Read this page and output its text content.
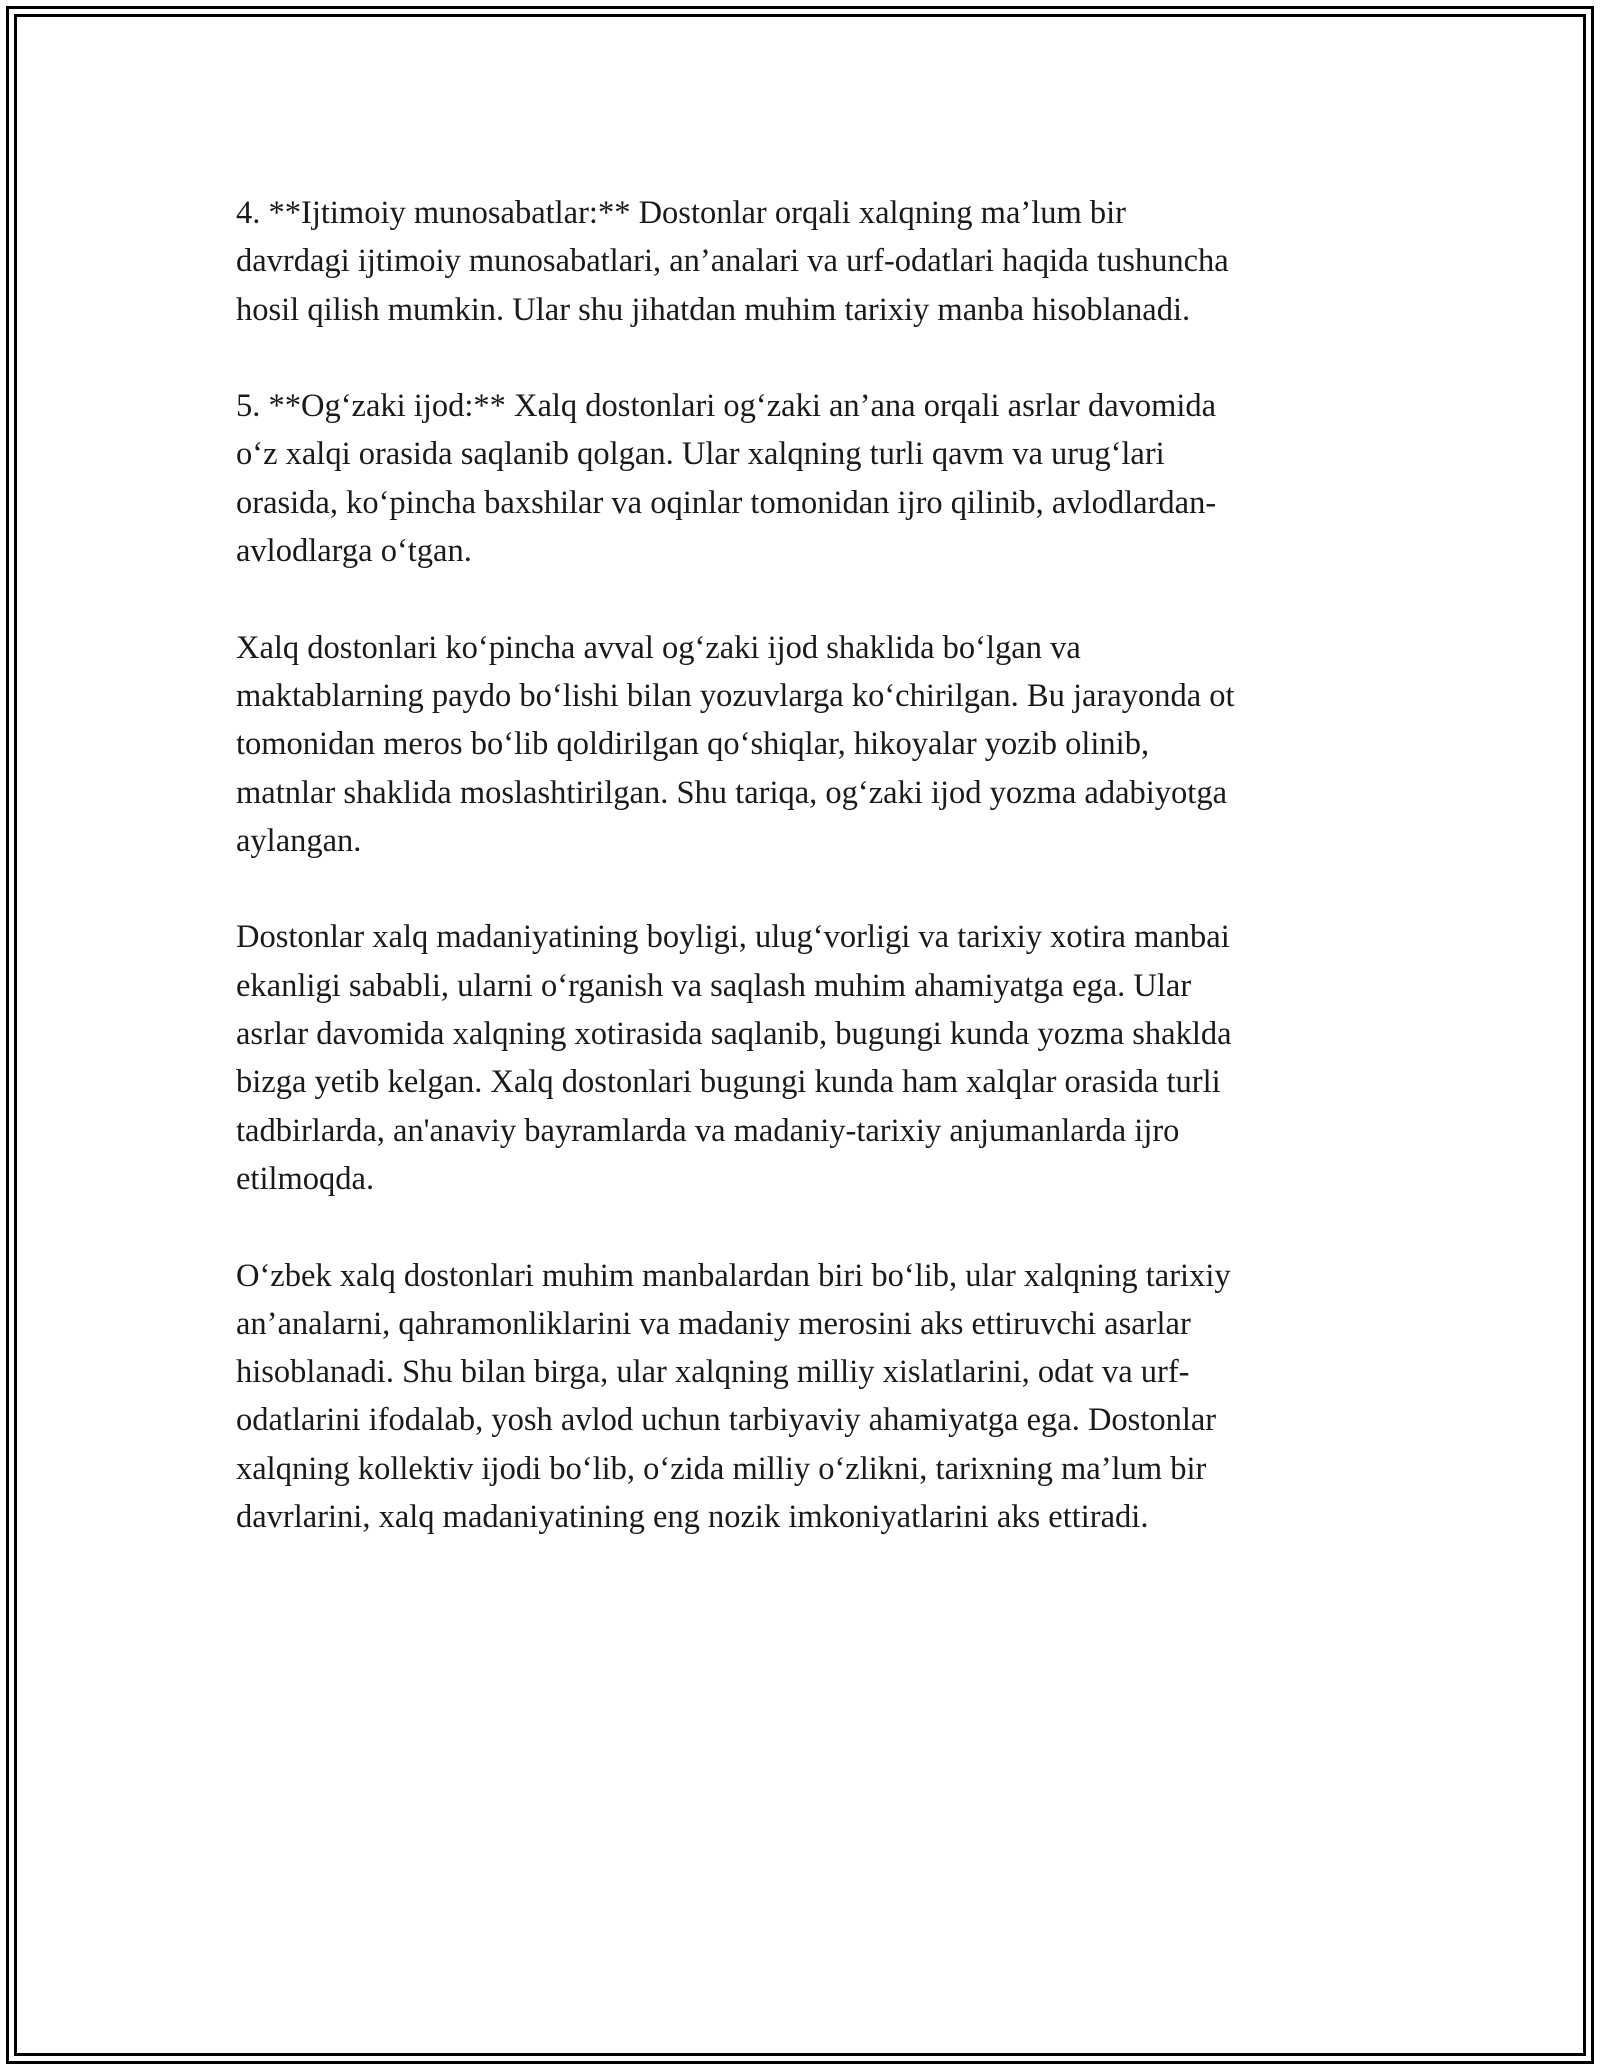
4. **Ijtimoiy munosabatlar:** Dostonlar orqali xalqning ma’lum bir
davrdagi ijtimoiy munosabatlari, an’analari va urf-odatlari haqida tushuncha
hosil qilish mumkin. Ular shu jihatdan muhim tarixiy manba hisoblanadi.

5. **Og‘zaki ijod:** Xalq dostonlari og‘zaki an’ana orqali asrlar davomida
o‘z xalqi orasida saqlanib qolgan. Ular xalqning turli qavm va urug‘lari
orasida, ko‘pincha baxshilar va oqinlar tomonidan ijro qilinib, avlodlardan-
avlodlarga o‘tgan.

Xalq dostonlari ko‘pincha avval og‘zaki ijod shaklida bo‘lgan va
maktablarning paydo bo‘lishi bilan yozuvlarga ko‘chirilgan. Bu jarayonda ot
tomonidan meros bo‘lib qoldirilgan qo‘shiqlar, hikoyalar yozib olinib,
matnlar shaklida moslashtirilgan. Shu tariqa, og‘zaki ijod yozma adabiyotga
aylangan.

Dostonlar xalq madaniyatining boyligi, ulug‘vorligi va tarixiy xotira manbai
ekanligi sababli, ularni o‘rganish va saqlash muhim ahamiyatga ega. Ular
asrlar davomida xalqning xotirasida saqlanib, bugungi kunda yozma shaklda
bizga yetib kelgan. Xalq dostonlari bugungi kunda ham xalqlar orasida turli
tadbirlarda, an'anaviy bayramlarda va madaniy-tarixiy anjumanlarda ijro
etilmoqda.

O‘zbek xalq dostonlari muhim manbalardan biri bo‘lib, ular xalqning tarixiy
an’analarni, qahramonliklarini va madaniy merosini aks ettiruvchi asarlar
hisoblanadi. Shu bilan birga, ular xalqning milliy xislatlarini, odat va urf-
odatlarini ifodalab, yosh avlod uchun tarbiyaviy ahamiyatga ega. Dostonlar
xalqning kollektiv ijodi bo‘lib, o‘zida milliy o‘zlikni, tarixning ma’lum bir
davrlarini, xalq madaniyatining eng nozik imkoniyatlarini aks ettiradi.
